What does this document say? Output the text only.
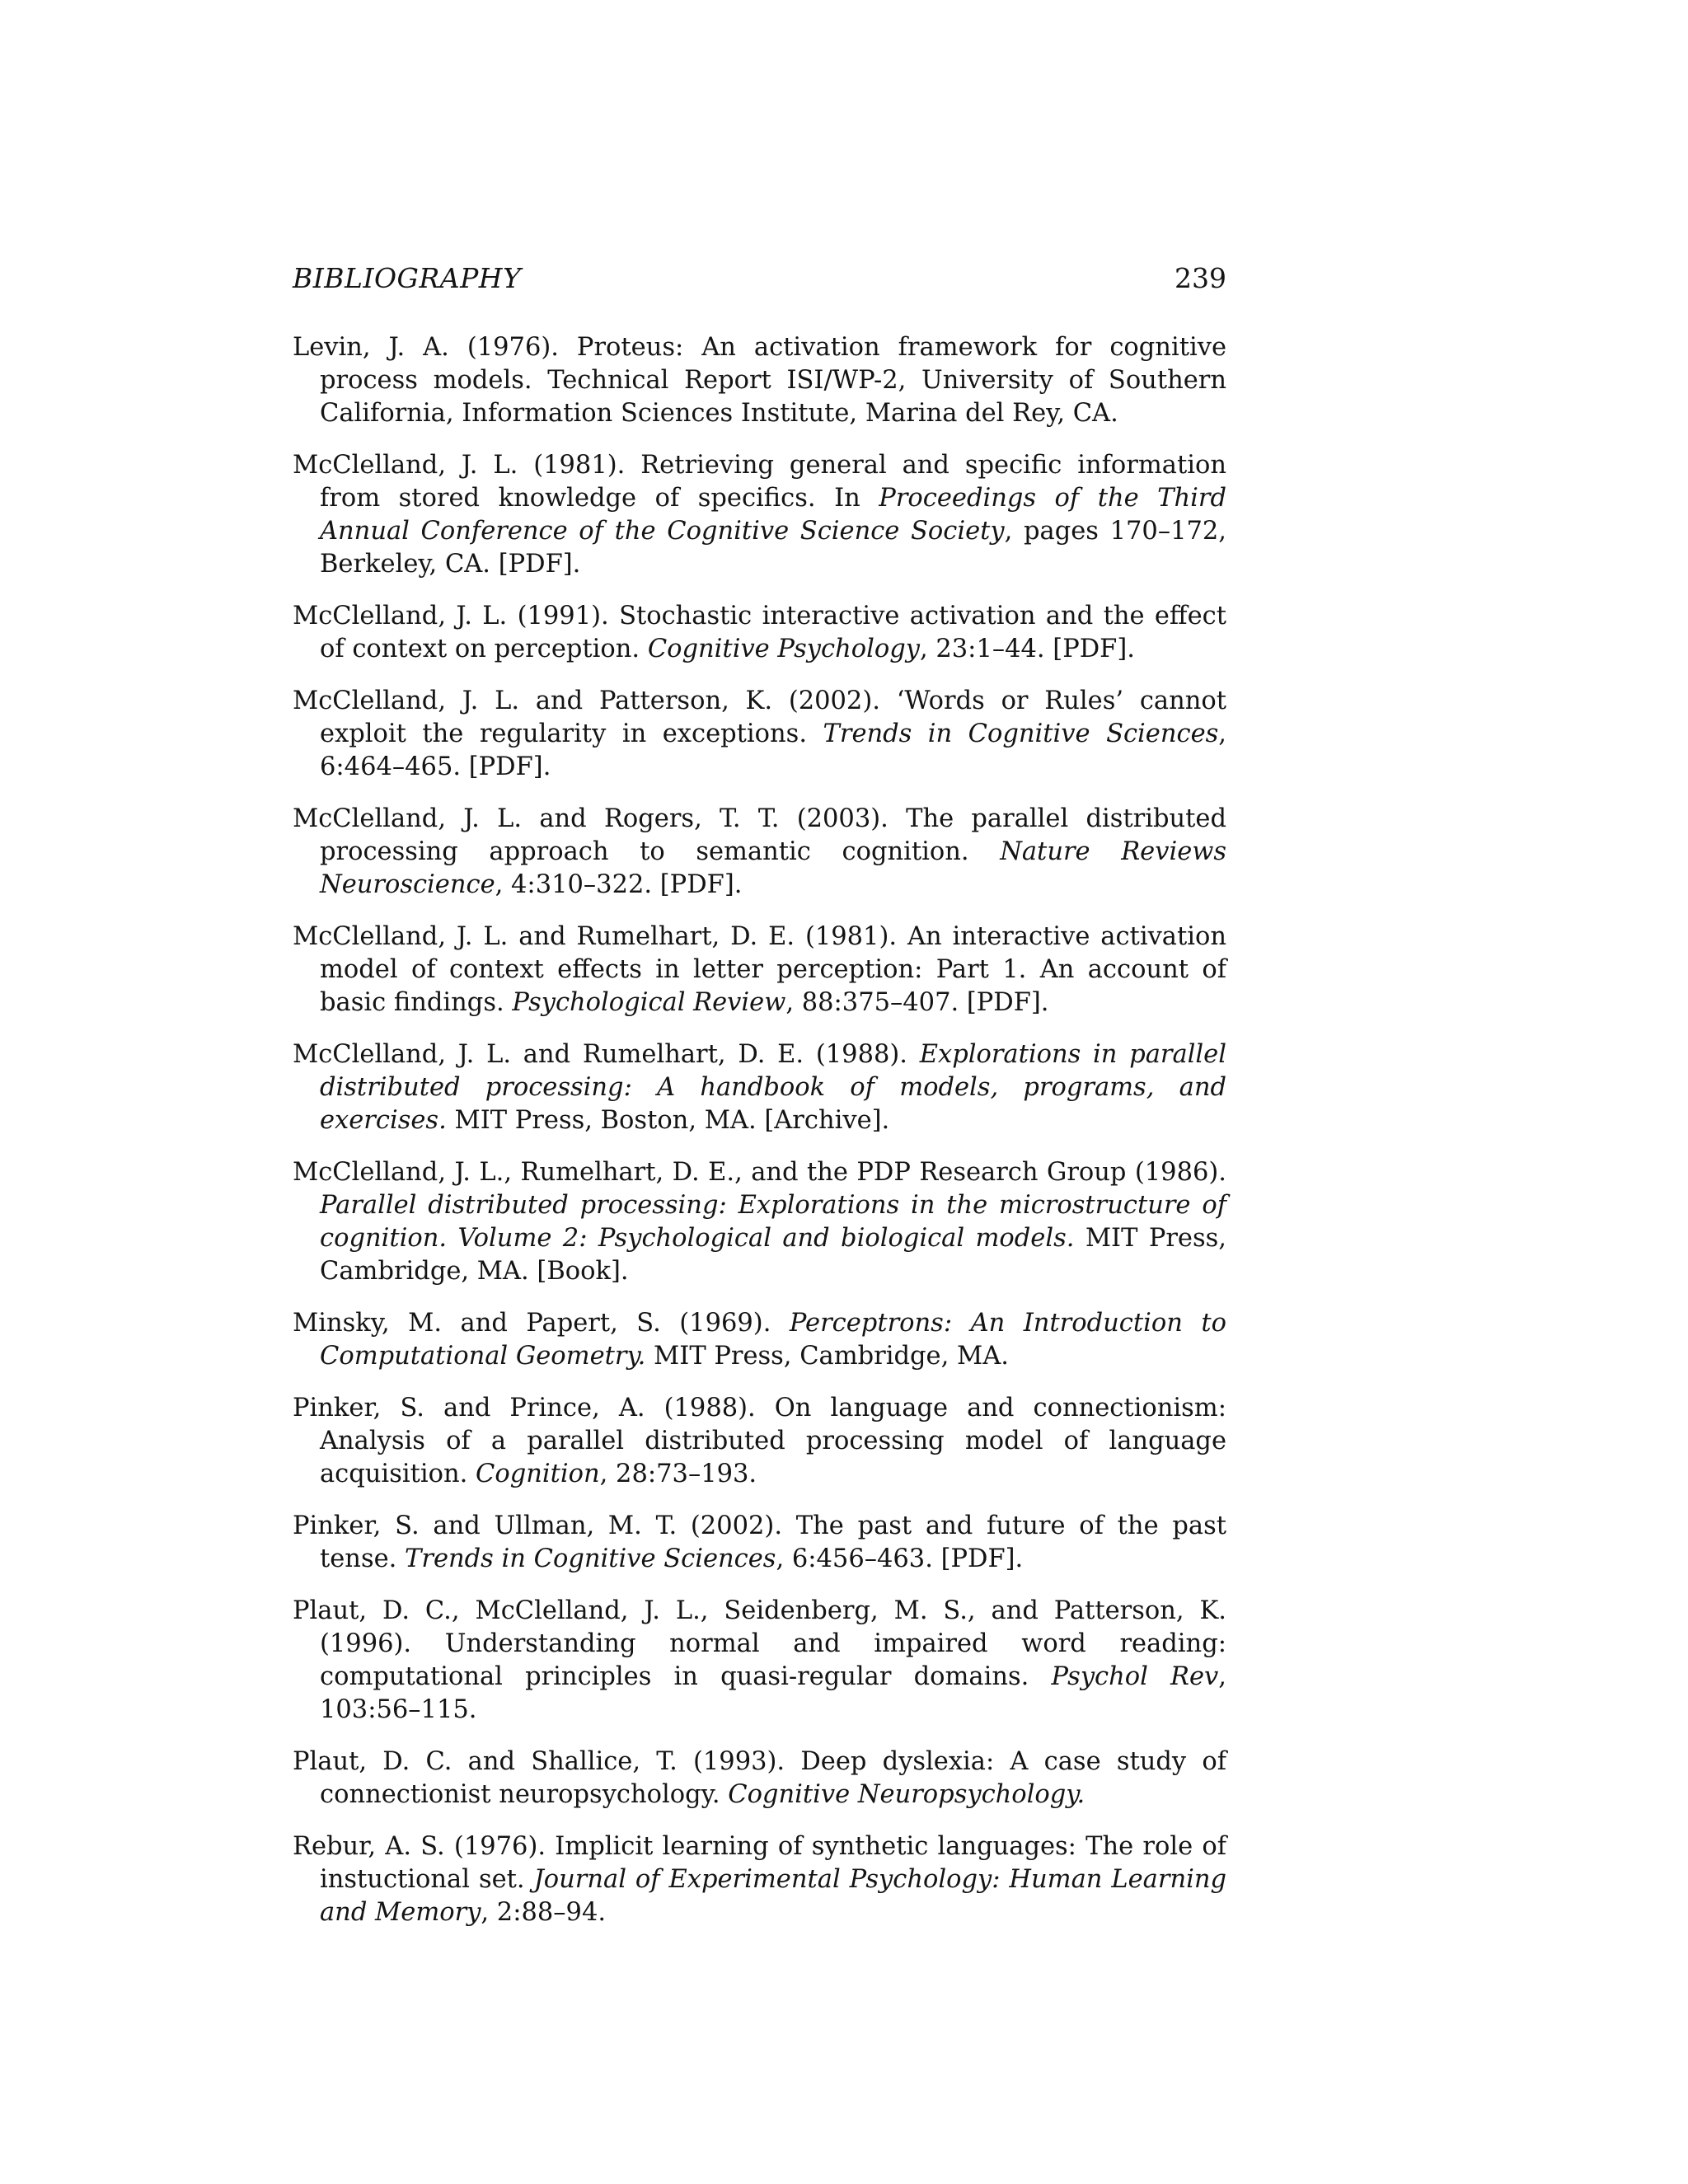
BIBLIOGRAPHY	239

Levin, J. A. (1976). Proteus: An activation framework for cognitive process models. Technical Report ISI/WP-2, University of Southern California, Information Sciences Institute, Marina del Rey, CA.

McClelland, J. L. (1981). Retrieving general and specific information from stored knowledge of specifics. In Proceedings of the Third Annual Conference of the Cognitive Science Society, pages 170–172, Berkeley, CA. [PDF].

McClelland, J. L. (1991). Stochastic interactive activation and the effect of context on perception. Cognitive Psychology, 23:1–44. [PDF].

McClelland, J. L. and Patterson, K. (2002). ‘Words or Rules’ cannot exploit the regularity in exceptions. Trends in Cognitive Sciences, 6:464–465. [PDF].

McClelland, J. L. and Rogers, T. T. (2003). The parallel distributed processing approach to semantic cognition. Nature Reviews Neuroscience, 4:310–322. [PDF].

McClelland, J. L. and Rumelhart, D. E. (1981). An interactive activation model of context effects in letter perception: Part 1. An account of basic findings. Psychological Review, 88:375–407. [PDF].

McClelland, J. L. and Rumelhart, D. E. (1988). Explorations in parallel distributed processing: A handbook of models, programs, and exercises. MIT Press, Boston, MA. [Archive].

McClelland, J. L., Rumelhart, D. E., and the PDP Research Group (1986). Parallel distributed processing: Explorations in the microstructure of cognition. Volume 2: Psychological and biological models. MIT Press, Cambridge, MA. [Book].

Minsky, M. and Papert, S. (1969). Perceptrons: An Introduction to Computational Geometry. MIT Press, Cambridge, MA.

Pinker, S. and Prince, A. (1988). On language and connectionism: Analysis of a parallel distributed processing model of language acquisition. Cognition, 28:73–193.

Pinker, S. and Ullman, M. T. (2002). The past and future of the past tense. Trends in Cognitive Sciences, 6:456–463. [PDF].

Plaut, D. C., McClelland, J. L., Seidenberg, M. S., and Patterson, K. (1996). Understanding normal and impaired word reading: computational principles in quasi-regular domains. Psychol Rev, 103:56–115.

Plaut, D. C. and Shallice, T. (1993). Deep dyslexia: A case study of connectionist neuropsychology. Cognitive Neuropsychology.

Rebur, A. S. (1976). Implicit learning of synthetic languages: The role of instuctional set. Journal of Experimental Psychology: Human Learning and Memory, 2:88–94.
